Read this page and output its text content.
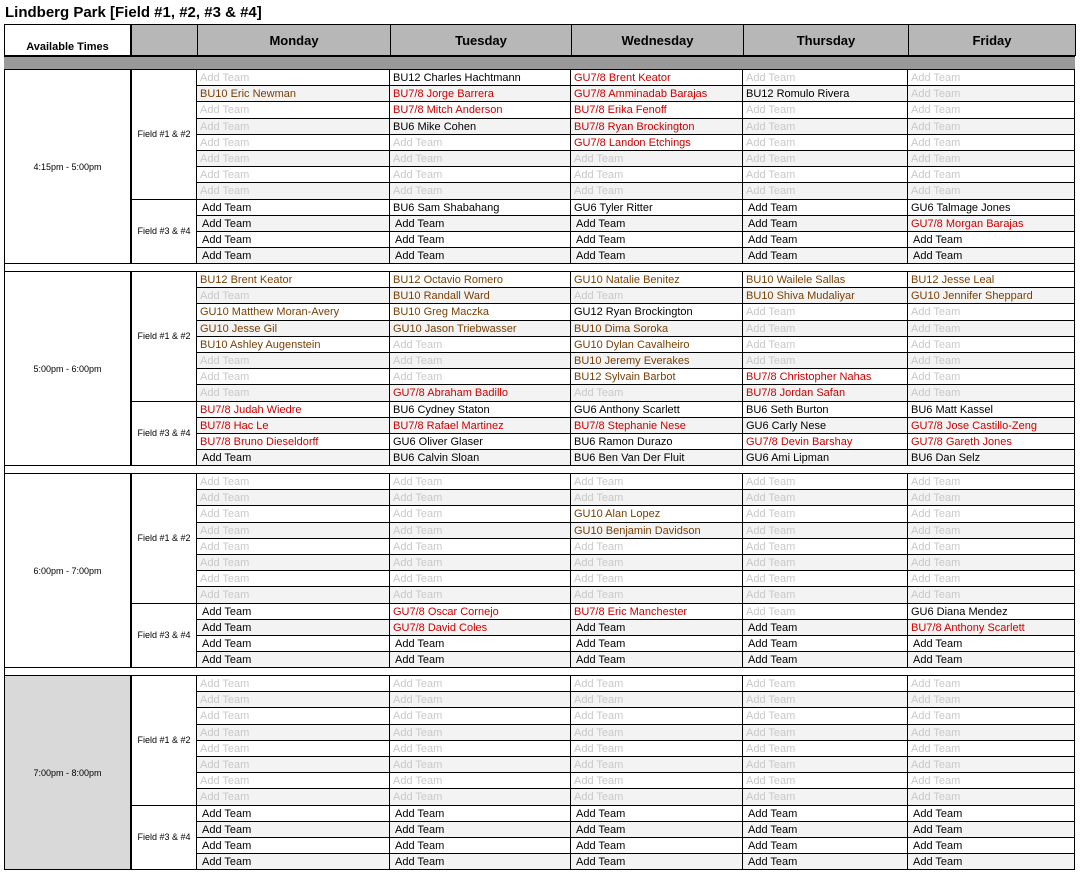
Lindberg Park [Field #1, #2, #3 & #4]
Available Times	Monday	Tuesday	Wednesday	Thursday	Friday
Add Team	BU12 Charles Hachtmann	GU7/8 Brent Keator	Add Team	Add Team
BU10 Eric Newman	BU7/8 Jorge Barrera	GU7/8 Amminadab Barajas	BU12 Romulo Rivera	Add Team
Add Team	BU7/8 Mitch Anderson	BU7/8 Erika Fenoff	Add Team	Add Team
Add Team	BU6 Mike Cohen	BU7/8 Ryan Brockington	Add Team	Add Team
Add Team	Add Team	GU7/8 Landon Etchings	Add Team	Add Team
Add Team	Add Team	Add Team	Add Team	Add Team
Add Team	Add Team	Add Team	Add Team	Add Team
Add Team	Add Team	Add Team	Add Team	Add Team
Field #1 & #2
Add Team	BU6 Sam Shabahang	GU6 Tyler Ritter	Add Team	GU6 Talmage Jones
Add Team	Add Team	Add Team	Add Team	GU7/8 Morgan Barajas
Add Team	Add Team	Add Team	Add Team	Add Team
Add Team	Add Team	Add Team	Add Team	Add Team
Field #3 & #4
4:15pm - 5:00pm
BU12 Brent Keator	BU12 Octavio Romero	GU10 Natalie Benitez	BU10 Wailele Sallas	BU12 Jesse Leal
Add Team	BU10 Randall Ward	Add Team	BU10 Shiva Mudaliyar	GU10 Jennifer Sheppard
GU10 Matthew Moran-Avery	BU10 Greg Maczka	GU12 Ryan Brockington	Add Team	Add Team
GU10 Jesse Gil	GU10 Jason Triebwasser	BU10 Dima Soroka	Add Team	Add Team
BU10 Ashley Augenstein	Add Team	GU10 Dylan Cavalheiro	Add Team	Add Team
Add Team	Add Team	BU10 Jeremy Everakes	Add Team	Add Team
Add Team	Add Team	BU12 Sylvain Barbot	BU7/8 Christopher Nahas	Add Team
Add Team	GU7/8 Abraham Badillo	Add Team	BU7/8 Jordan Safan	Add Team
Field #1 & #2
BU7/8 Judah Wiedre	BU6 Cydney Staton	GU6 Anthony Scarlett	BU6 Seth Burton	BU6 Matt Kassel
BU7/8 Hac Le	BU7/8 Rafael Martinez	BU7/8 Stephanie Nese	GU6 Carly Nese	GU7/8 Jose Castillo-Zeng
BU7/8 Bruno Dieseldorff	GU6 Oliver Glaser	BU6 Ramon Durazo	GU7/8 Devin Barshay	GU7/8 Gareth Jones
Add Team	BU6 Calvin Sloan	BU6 Ben Van Der Fluit	GU6 Ami Lipman	BU6 Dan Selz
Field #3 & #4
5:00pm - 6:00pm
Add Team	Add Team	Add Team	Add Team	Add Team
Add Team	Add Team	Add Team	Add Team	Add Team
Add Team	Add Team	GU10 Alan Lopez	Add Team	Add Team
Add Team	Add Team	GU10 Benjamin Davidson	Add Team	Add Team
Add Team	Add Team	Add Team	Add Team	Add Team
Add Team	Add Team	Add Team	Add Team	Add Team
Add Team	Add Team	Add Team	Add Team	Add Team
Add Team	Add Team	Add Team	Add Team	Add Team
Field #1 & #2
Add Team	GU7/8 Oscar Cornejo	BU7/8 Eric Manchester	Add Team	GU6 Diana Mendez
Add Team	GU7/8 David Coles	Add Team	Add Team	BU7/8 Anthony Scarlett
Add Team	Add Team	Add Team	Add Team	Add Team
Add Team	Add Team	Add Team	Add Team	Add Team
Field #3 & #4
6:00pm - 7:00pm
Add Team	Add Team	Add Team	Add Team	Add Team
Add Team	Add Team	Add Team	Add Team	Add Team
Add Team	Add Team	Add Team	Add Team	Add Team
Add Team	Add Team	Add Team	Add Team	Add Team
Add Team	Add Team	Add Team	Add Team	Add Team
Add Team	Add Team	Add Team	Add Team	Add Team
Add Team	Add Team	Add Team	Add Team	Add Team
Add Team	Add Team	Add Team	Add Team	Add Team
Field #1 & #2
Add Team	Add Team	Add Team	Add Team	Add Team
Add Team	Add Team	Add Team	Add Team	Add Team
Add Team	Add Team	Add Team	Add Team	Add Team
Add Team	Add Team	Add Team	Add Team	Add Team
Field #3 & #4
7:00pm - 8:00pm
